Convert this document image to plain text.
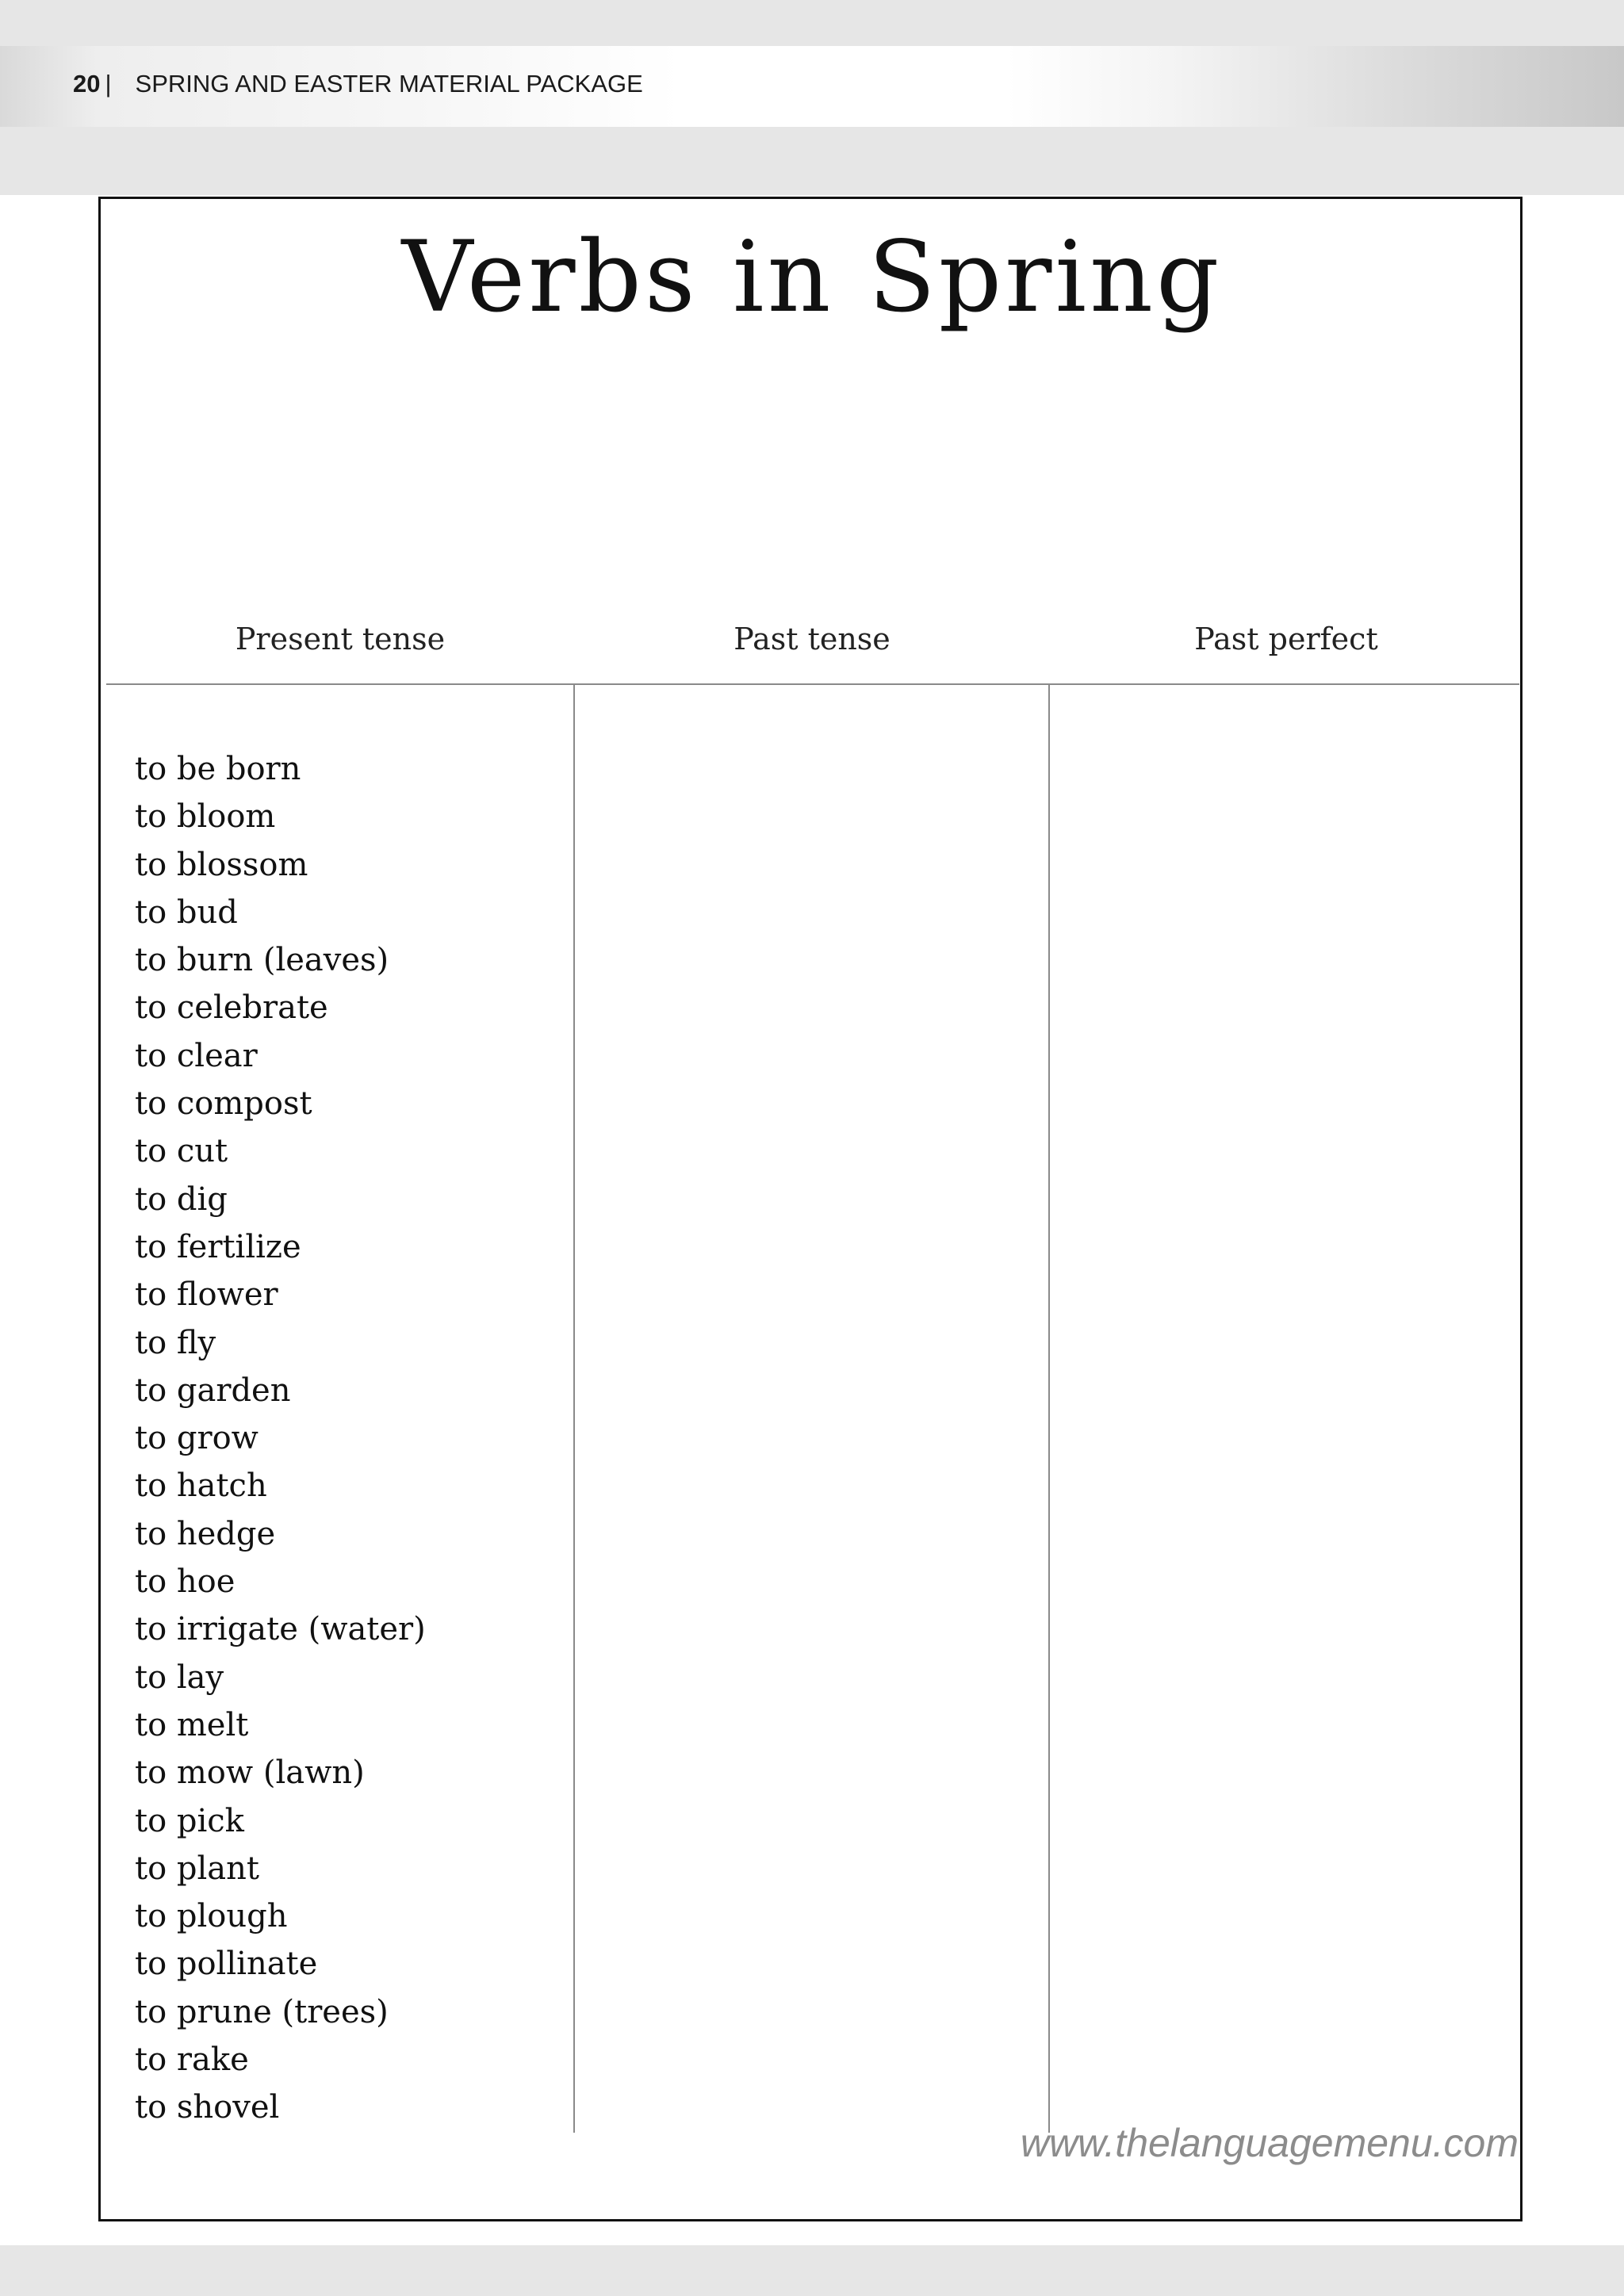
20 | SPRING AND EASTER MATERIAL PACKAGE
Verbs in Spring
Present tense	Past tense	Past perfect
to be born
to bloom
to blossom
to bud
to burn (leaves)
to celebrate
to clear
to compost
to cut
to dig
to fertilize
to flower
to fly
to garden
to grow
to hatch
to hedge
to hoe
to irrigate (water)
to lay
to melt
to mow (lawn)
to pick
to plant
to plough
to pollinate
to prune (trees)
to rake
to shovel
www.thelanguagemenu.com
